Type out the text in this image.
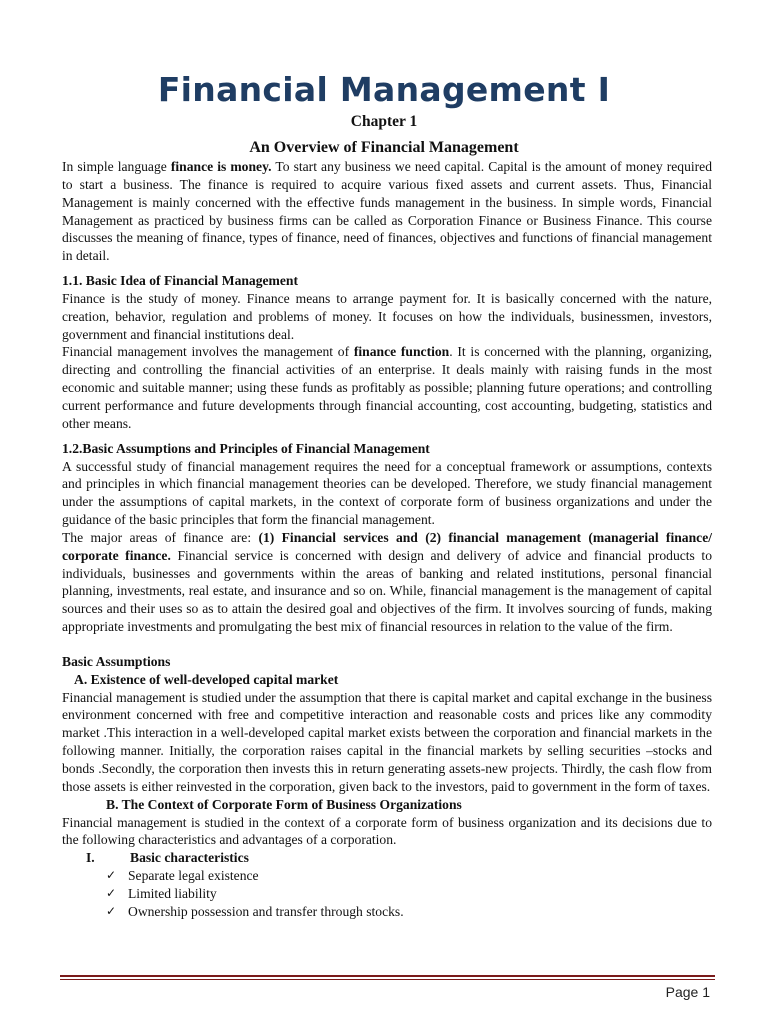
Financial Management I
Chapter 1
An Overview of Financial Management

In simple language finance is money. To start any business we need capital. Capital is the amount of money required to start a business. The finance is required to acquire various fixed assets and current assets. Thus, Financial Management is mainly concerned with the effective funds management in the business. In simple words, Financial Management as practiced by business firms can be called as Corporation Finance or Business Finance. This course discusses the meaning of finance, types of finance, need of finances, objectives and functions of financial management in detail.

1.1. Basic Idea of Financial Management

Finance is the study of money. Finance means to arrange payment for. It is basically concerned with the nature, creation, behavior, regulation and problems of money. It focuses on how the individuals, businessmen, investors, government and financial institutions deal.

Financial management involves the management of finance function. It is concerned with the planning, organizing, directing and controlling the financial activities of an enterprise. It deals mainly with raising funds in the most economic and suitable manner; using these funds as profitably as possible; planning future operations; and controlling current performance and future developments through financial accounting, cost accounting, budgeting, statistics and other means.

1.2.Basic Assumptions and Principles of Financial Management

A successful study of financial management requires the need for a conceptual framework or assumptions, contexts and principles in which financial management theories can be developed. Therefore, we study financial management under the assumptions of capital markets, in the context of corporate form of business organizations and under the guidance of the basic principles that form the financial management.

The major areas of finance are: (1) Financial services and (2) financial management (managerial finance/ corporate finance. Financial service is concerned with design and delivery of advice and financial products to individuals, businesses and governments within the areas of banking and related institutions, personal financial planning, investments, real estate, and insurance and so on. While, financial management is the management of capital sources and their uses so as to attain the desired goal and objectives of the firm. It involves sourcing of funds, making appropriate investments and promulgating the best mix of financial resources in relation to the value of the firm.

Basic Assumptions

A. Existence of well-developed capital market

Financial management is studied under the assumption that there is capital market and capital exchange in the business environment concerned with free and competitive interaction and reasonable costs and prices like any commodity market .This interaction in a well-developed capital market exists between the corporation and financial markets in the following manner. Initially, the corporation raises capital in the financial markets by selling securities –stocks and bonds .Secondly, the corporation then invests this in return generating assets-new projects. Thirdly, the cash flow from those assets is either reinvested in the corporation, given back to the investors, paid to government in the form of taxes.

B. The Context of Corporate Form of Business Organizations

Financial management is studied in the context of a corporate form of business organization and its decisions due to the following characteristics and advantages of a corporation.

I.	Basic characteristics

✓ Separate legal existence
✓ Limited liability
✓ Ownership possession and transfer through stocks.
Page 1
